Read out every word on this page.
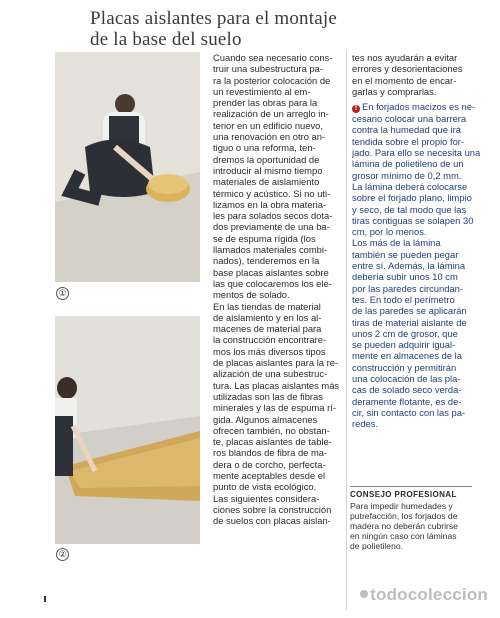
Placas aislantes para el montaje
de la base del suelo
①
②
Cuando sea necesario cons-
truir una subestructura pa-
ra la posterior colocación de
un revestimiento al em-
prender las obras para la
realización de un arreglo in-
terior en un edificio nuevo,
una renovación en otro an-
tiguo o una reforma, ten-
dremos la oportunidad de
introducir al mismo tiempo
materiales de aislamiento
térmico y acústico. Si no uti-
lizamos en la obra materia-
les para solados secos dota-
dos previamente de una ba-
se de espuma rígida (los
llamados materiales combi-
nados), tenderemos en la
base placas aislantes sobre
las que colocaremos los ele-
mentos de solado.
En las tiendas de material
de aislamiento y en los al-
macenes de material para
la construcción encontrare-
mos los más diversos tipos
de placas aislantes para la re-
alización de una subestruc-
tura. Las placas aislantes más
utilizadas son las de fibras
minerales y las de espuma rí-
gida. Algunos almacenes
ofrecen también, no obstan-
te, placas aislantes de table-
ros blandos de fibra de ma-
dera o de corcho, perfecta-
mente aceptables desde el
punto de vista ecológico.
Las siguientes considera-
ciones sobre la construcción
de suelos con placas aislan-
tes nos ayudarán a evitar
errores y desorientaciones
en el momento de encar-
garlas y comprarlas.
! En forjados macizos es ne-
cesario colocar una barrera
contra la humedad que irá
tendida sobre el propio for-
jado. Para ello se necesita una
lámina de polietileno de un
grosor mínimo de 0,2 mm.
La lámina deberá colocarse
sobre el forjado plano, limpio
y seco, de tal modo que las
tiras contiguas se solapen 30
cm, por lo menos.
Los más de la lámina
también se pueden pegar
entre sí. Además, la lámina
debería subir unos 10 cm
por las paredes circundan-
tes. En todo el perímetro
de las paredes se aplicarán
tiras de material aislante de
unos 2 cm de grosor, que
se pueden adquirir igual-
mente en almacenes de la
construcción y permitirán
una colocación de las pla-
cas de solado seco verda-
deramente flotante, es de-
cir, sin contacto con las pa-
redes.
CONSEJO PROFESIONAL
Para impedir humedades y
putrefacción, los forjados de
madera no deberán cubrirse
en ningún caso con láminas
de polietileno.
todocoleccion
